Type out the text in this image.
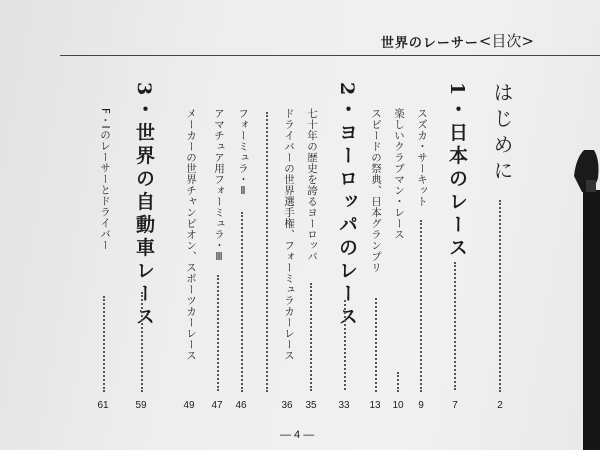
世界のレーサー <目次>
はじめに
2
1・日本のレース
7
スズカ・サーキット
9
楽しいクラブマン・レース
10
スピードの祭典、日本グランプリ
13
2・ヨーロッパのレース
33
七十年の歴史を誇るヨーロッパ
35
ドライバーの世界選手権、フォーミュラカーレース
36
フォーミュラ・Ⅱ
46
アマチュア用フォーミュラ・Ⅲ
47
メーカーの世界チャンピオン、スポーツカーレース
49
3・世界の自動車レース
59
F・Iのレーサーとドライバー
61
— 4 —
